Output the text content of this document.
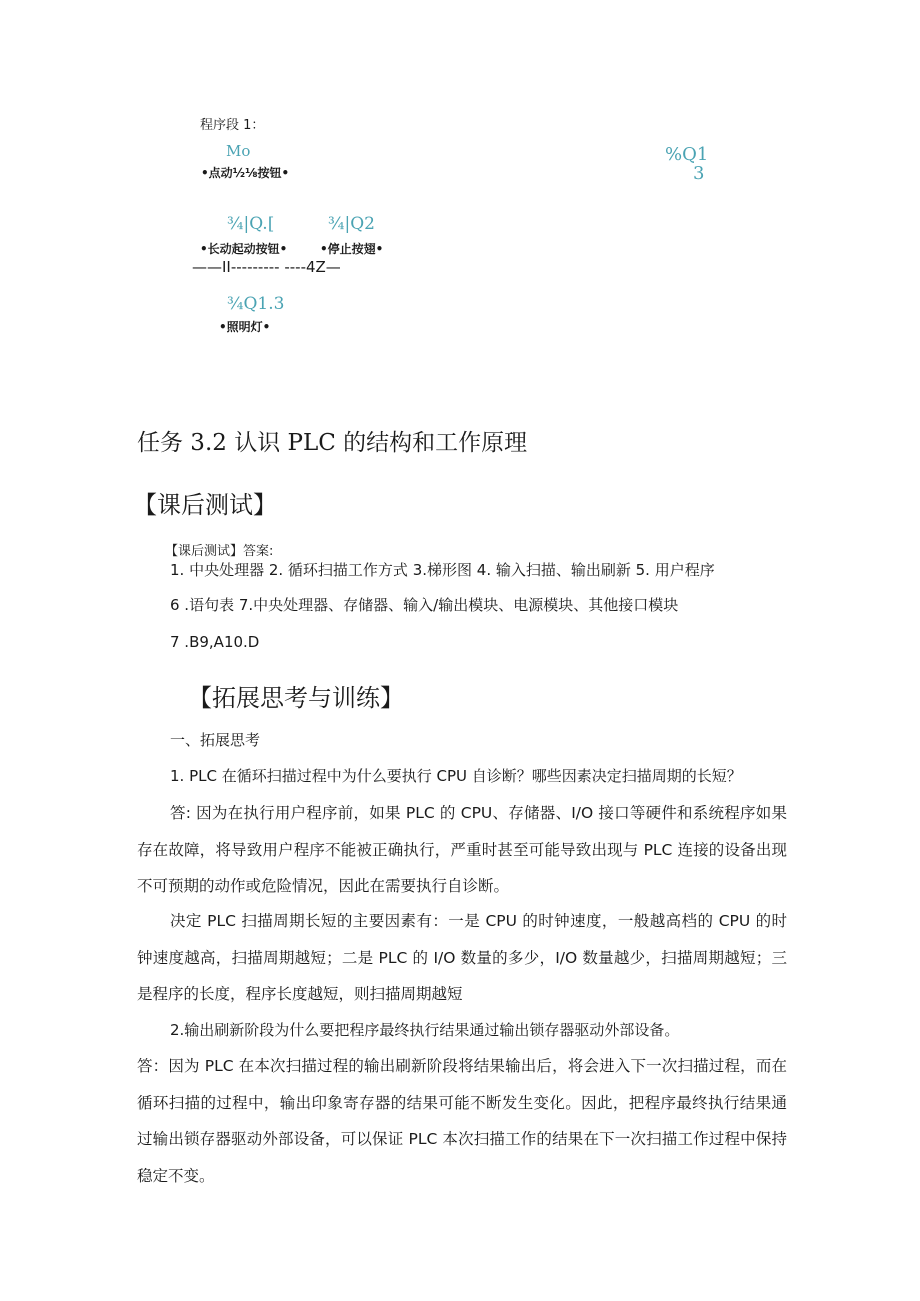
程序段 1：
Mo
•点动½⅛按钮•
%Q1
3
¾|Q.[
•长动起动按钮•
¾|Q2
•停止按翅•
——II--------- ----4Z—
¾Q1.3
•照明灯•
任务 3.2 认识 PLC 的结构和工作原理
【课后测试】
【课后测试】答案:
1. 中央处理器 2. 循环扫描工作方式 3.梯形图 4. 输入扫描、输出刷新 5. 用户程序
6 .语句表 7.中央处理器、存储器、输入/输出模块、电源模块、其他接口模块
7 .B9,A10.D
【拓展思考与训练】
一、拓展思考
1. PLC 在循环扫描过程中为什么要执行 CPU 自诊断？哪些因素决定扫描周期的长短？
答: 因为在执行用户程序前，如果 PLC 的 CPU、存储器、I/O 接口等硬件和系统程序如果存在故障，将导致用户程序不能被正确执行，严重时甚至可能导致出现与 PLC 连接的设备出现不可预期的动作或危险情况，因此在需要执行自诊断。
决定 PLC 扫描周期长短的主要因素有：一是 CPU 的时钟速度，一般越高档的 CPU 的时钟速度越高，扫描周期越短；二是 PLC 的 I/O 数量的多少，I/O 数量越少，扫描周期越短；三是程序的长度，程序长度越短，则扫描周期越短
2.输出刷新阶段为什么要把程序最终执行结果通过输出锁存器驱动外部设备。
答：因为 PLC 在本次扫描过程的输出刷新阶段将结果输出后，将会进入下一次扫描过程，而在循环扫描的过程中，输出印象寄存器的结果可能不断发生变化。因此，把程序最终执行结果通过输出锁存器驱动外部设备，可以保证 PLC 本次扫描工作的结果在下一次扫描工作过程中保持稳定不变。
